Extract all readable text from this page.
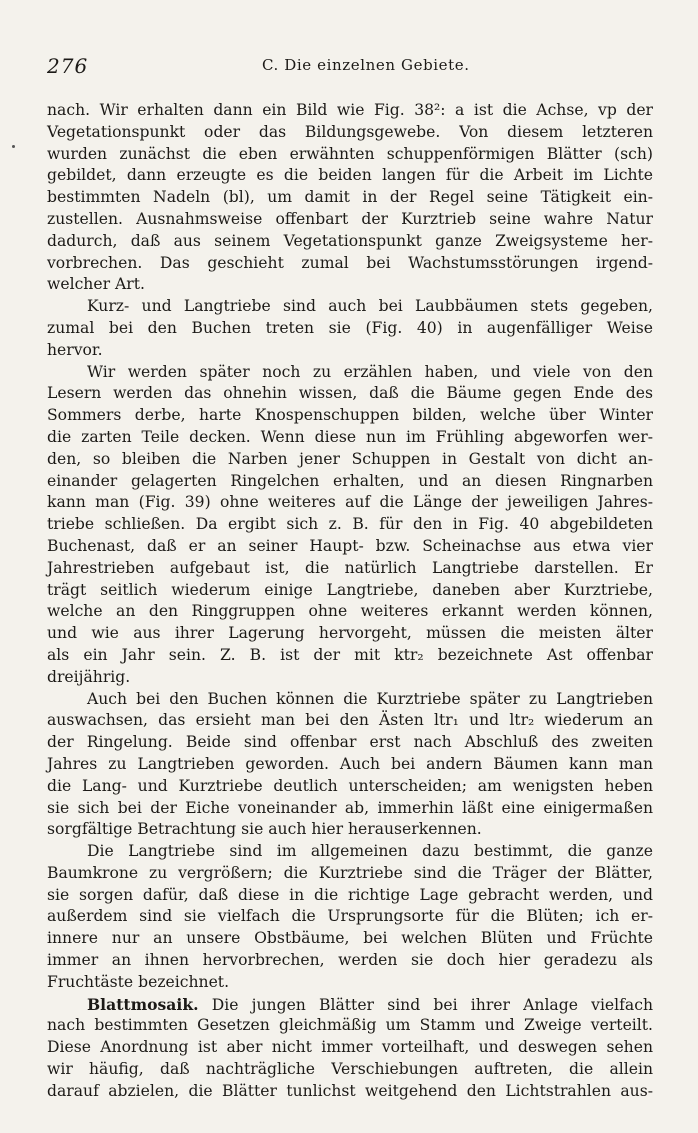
276	C. Die einzelnen Gebiete.
nach. Wir erhalten dann ein Bild wie Fig. 38²: a ist die Achse, vp der
Vegetationspunkt oder das Bildungsgewebe. Von diesem letzteren
wurden zunächst die eben erwähnten schuppenförmigen Blätter (sch)
gebildet, dann erzeugte es die beiden langen für die Arbeit im Lichte
bestimmten Nadeln (bl), um damit in der Regel seine Tätigkeit ein-
zustellen. Ausnahmsweise offenbart der Kurztrieb seine wahre Natur
dadurch, daß aus seinem Vegetationspunkt ganze Zweigsysteme her-
vorbrechen. Das geschieht zumal bei Wachstumsstörungen irgend-
welcher Art.
Kurz- und Langtriebe sind auch bei Laubbäumen stets gegeben,
zumal bei den Buchen treten sie (Fig. 40) in augenfälliger Weise
hervor.
Wir werden später noch zu erzählen haben, und viele von den
Lesern werden das ohnehin wissen, daß die Bäume gegen Ende des
Sommers derbe, harte Knospenschuppen bilden, welche über Winter
die zarten Teile decken. Wenn diese nun im Frühling abgeworfen wer-
den, so bleiben die Narben jener Schuppen in Gestalt von dicht an-
einander gelagerten Ringelchen erhalten, und an diesen Ringnarben
kann man (Fig. 39) ohne weiteres auf die Länge der jeweiligen Jahres-
triebe schließen. Da ergibt sich z. B. für den in Fig. 40 abgebildeten
Buchenast, daß er an seiner Haupt- bzw. Scheinachse aus etwa vier
Jahrestrieben aufgebaut ist, die natürlich Langtriebe darstellen. Er
trägt seitlich wiederum einige Langtriebe, daneben aber Kurztriebe,
welche an den Ringgruppen ohne weiteres erkannt werden können,
und wie aus ihrer Lagerung hervorgeht, müssen die meisten älter
als ein Jahr sein. Z. B. ist der mit ktr₂ bezeichnete Ast offenbar
dreijährig.
Auch bei den Buchen können die Kurztriebe später zu Langtrieben
auswachsen, das ersieht man bei den Ästen ltr₁ und ltr₂ wiederum an
der Ringelung. Beide sind offenbar erst nach Abschluß des zweiten
Jahres zu Langtrieben geworden. Auch bei andern Bäumen kann man
die Lang- und Kurztriebe deutlich unterscheiden; am wenigsten heben
sie sich bei der Eiche voneinander ab, immerhin läßt eine einigermaßen
sorgfältige Betrachtung sie auch hier herauserkennen.
Die Langtriebe sind im allgemeinen dazu bestimmt, die ganze
Baumkrone zu vergrößern; die Kurztriebe sind die Träger der Blätter,
sie sorgen dafür, daß diese in die richtige Lage gebracht werden, und
außerdem sind sie vielfach die Ursprungsorte für die Blüten; ich er-
innere nur an unsere Obstbäume, bei welchen Blüten und Früchte
immer an ihnen hervorbrechen, werden sie doch hier geradezu als
Fruchtäste bezeichnet.
Blattmosaik. Die jungen Blätter sind bei ihrer Anlage vielfach
nach bestimmten Gesetzen gleichmäßig um Stamm und Zweige verteilt.
Diese Anordnung ist aber nicht immer vorteilhaft, und deswegen sehen
wir häufig, daß nachträgliche Verschiebungen auftreten, die allein
darauf abzielen, die Blätter tunlichst weitgehend den Lichtstrahlen aus-
